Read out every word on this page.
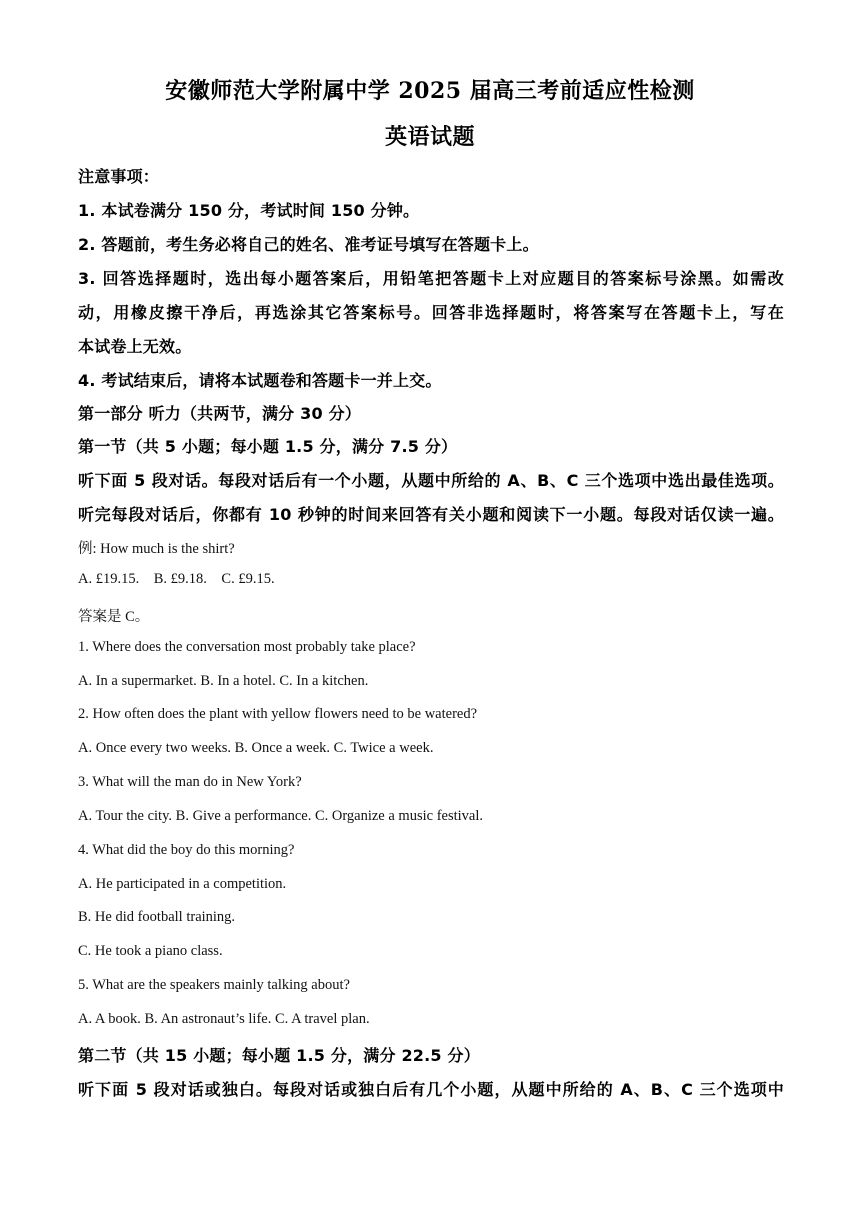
安徽师范大学附属中学 2025 届高三考前适应性检测
英语试题
注意事项：
1. 本试卷满分 150 分，考试时间 150 分钟。
2. 答题前，考生务必将自己的姓名、准考证号填写在答题卡上。
3. 回答选择题时，选出每小题答案后，用铅笔把答题卡上对应题目的答案标号涂黑。如需改
动，用橡皮擦干净后，再选涂其它答案标号。回答非选择题时，将答案写在答题卡上，写在
本试卷上无效。
4. 考试结束后，请将本试题卷和答题卡一并上交。
第一部分 听力（共两节，满分 30 分）
第一节（共 5 小题；每小题 1.5 分，满分 7.5 分）
听下面 5 段对话。每段对话后有一个小题，从题中所给的 A、B、C 三个选项中选出最佳选项。
听完每段对话后，你都有 10 秒钟的时间来回答有关小题和阅读下一小题。每段对话仅读一遍。
例: How much is the shirt?
A. £19.15.    B. £9.18.    C. £9.15.
答案是 C。
1. Where does the conversation most probably take place?
A. In a supermarket. B. In a hotel. C. In a kitchen.
2. How often does the plant with yellow flowers need to be watered?
A. Once every two weeks. B. Once a week. C. Twice a week.
3. What will the man do in New York?
A. Tour the city. B. Give a performance. C. Organize a music festival.
4. What did the boy do this morning?
A. He participated in a competition.
B. He did football training.
C. He took a piano class.
5. What are the speakers mainly talking about?
A. A book. B. An astronaut’s life. C. A travel plan.
第二节（共 15 小题；每小题 1.5 分，满分 22.5 分）
听下面 5 段对话或独白。每段对话或独白后有几个小题，从题中所给的 A、B、C 三个选项中
